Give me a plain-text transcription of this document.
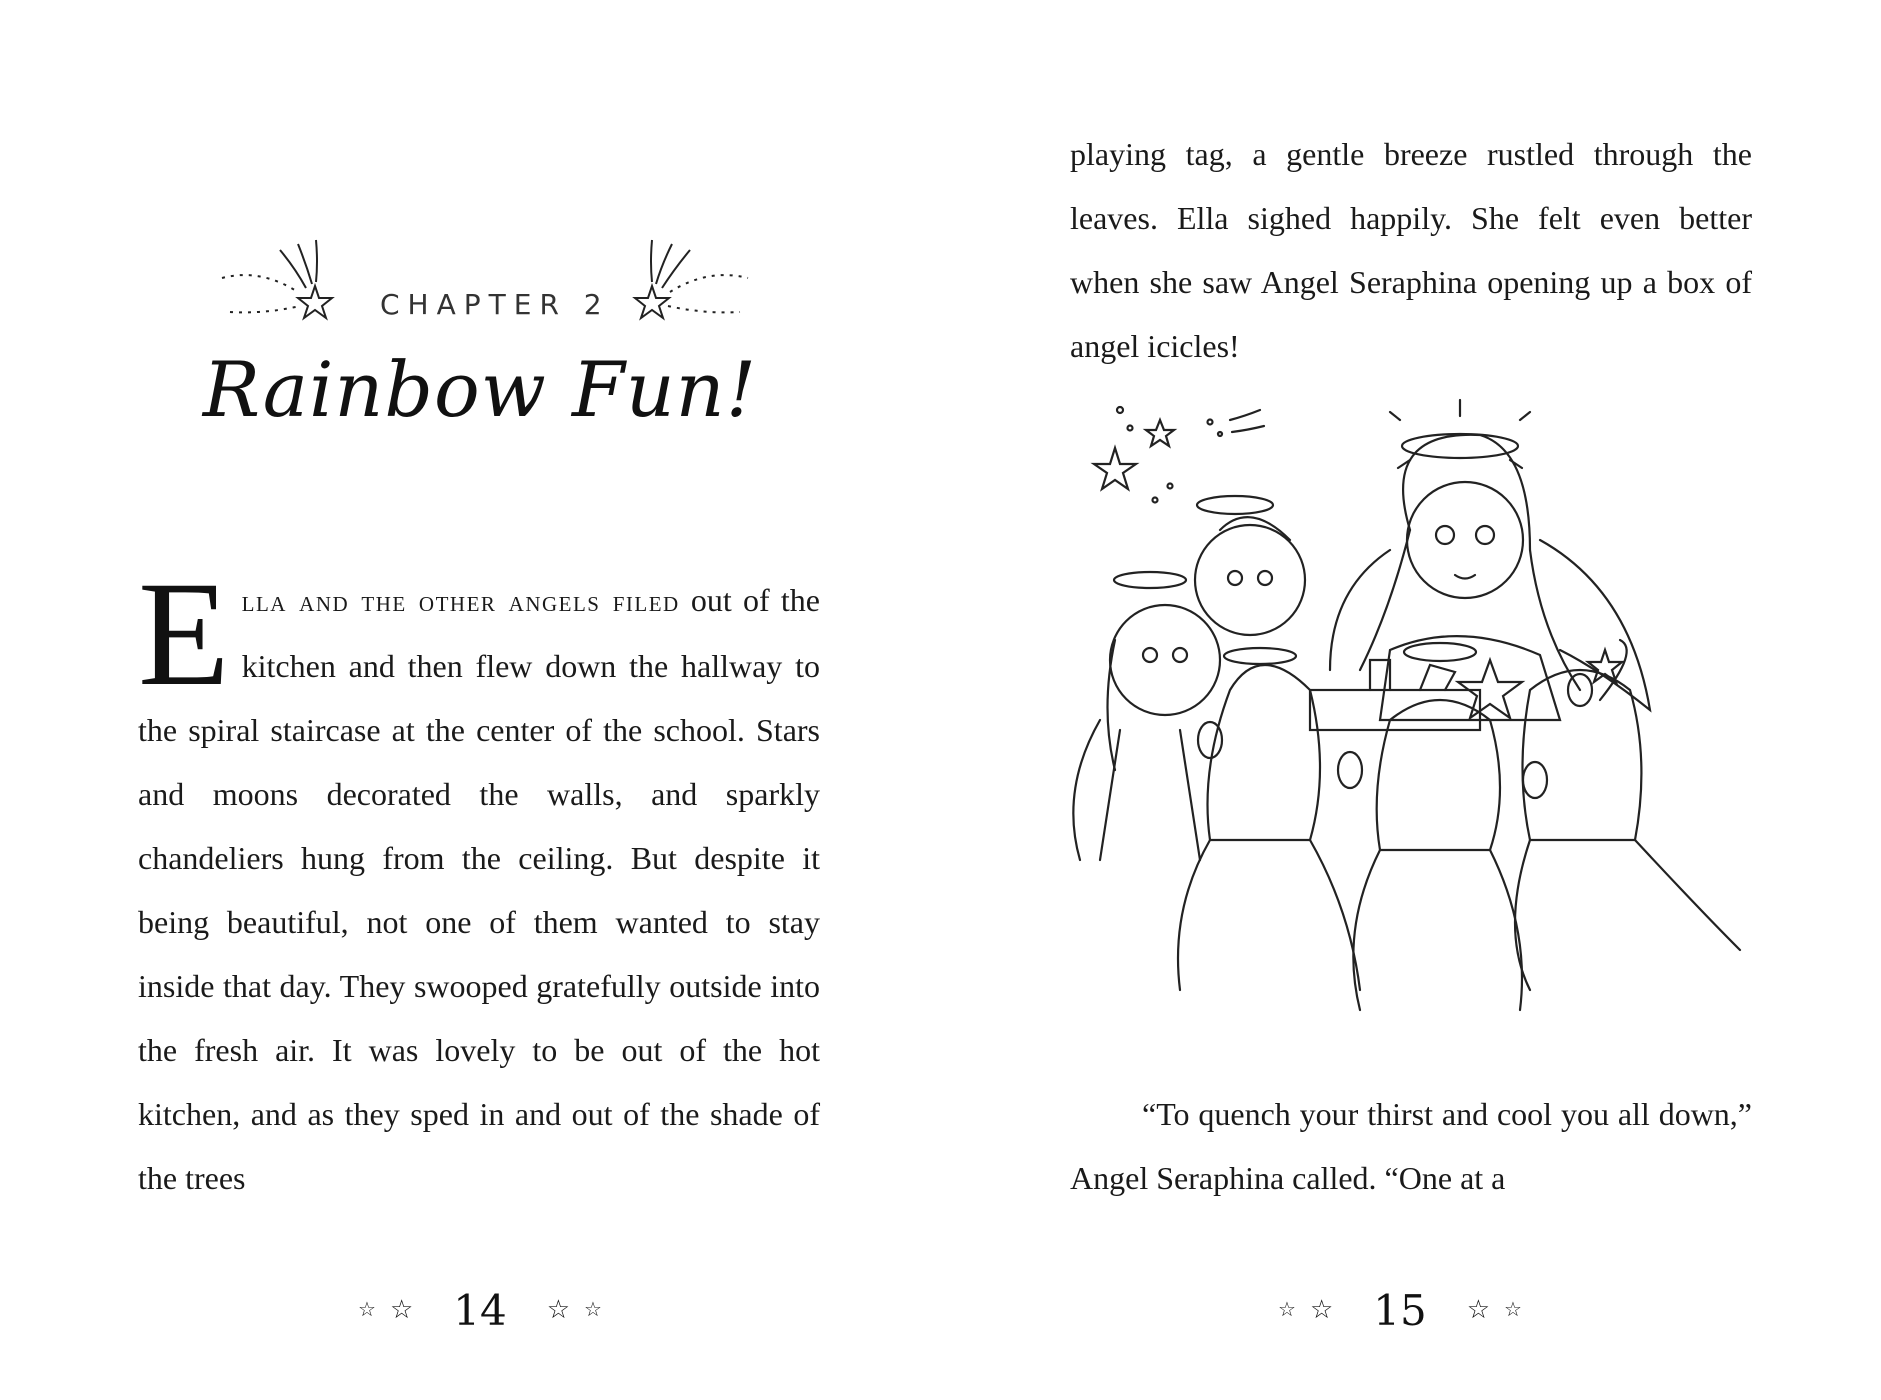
CHAPTER 2
Rainbow Fun!
E lla and the other angels filed out of the kitchen and then flew down the hallway to the spiral staircase at the center of the school. Stars and moons decorated the walls, and sparkly chandeliers hung from the ceiling. But despite it being beautiful, not one of them wanted to stay inside that day. They swooped gratefully outside into the fresh air. It was lovely to be out of the hot kitchen, and as they sped in and out of the shade of the trees
☆ ☆ 14 ☆ ☆

playing tag, a gentle breeze rustled through the leaves. Ella sighed happily. She felt even better when she saw Angel Seraphina opening up a box of angel icicles!

“To quench your thirst and cool you all down,” Angel Seraphina called. “One at a

☆ ☆ 15 ☆ ☆
